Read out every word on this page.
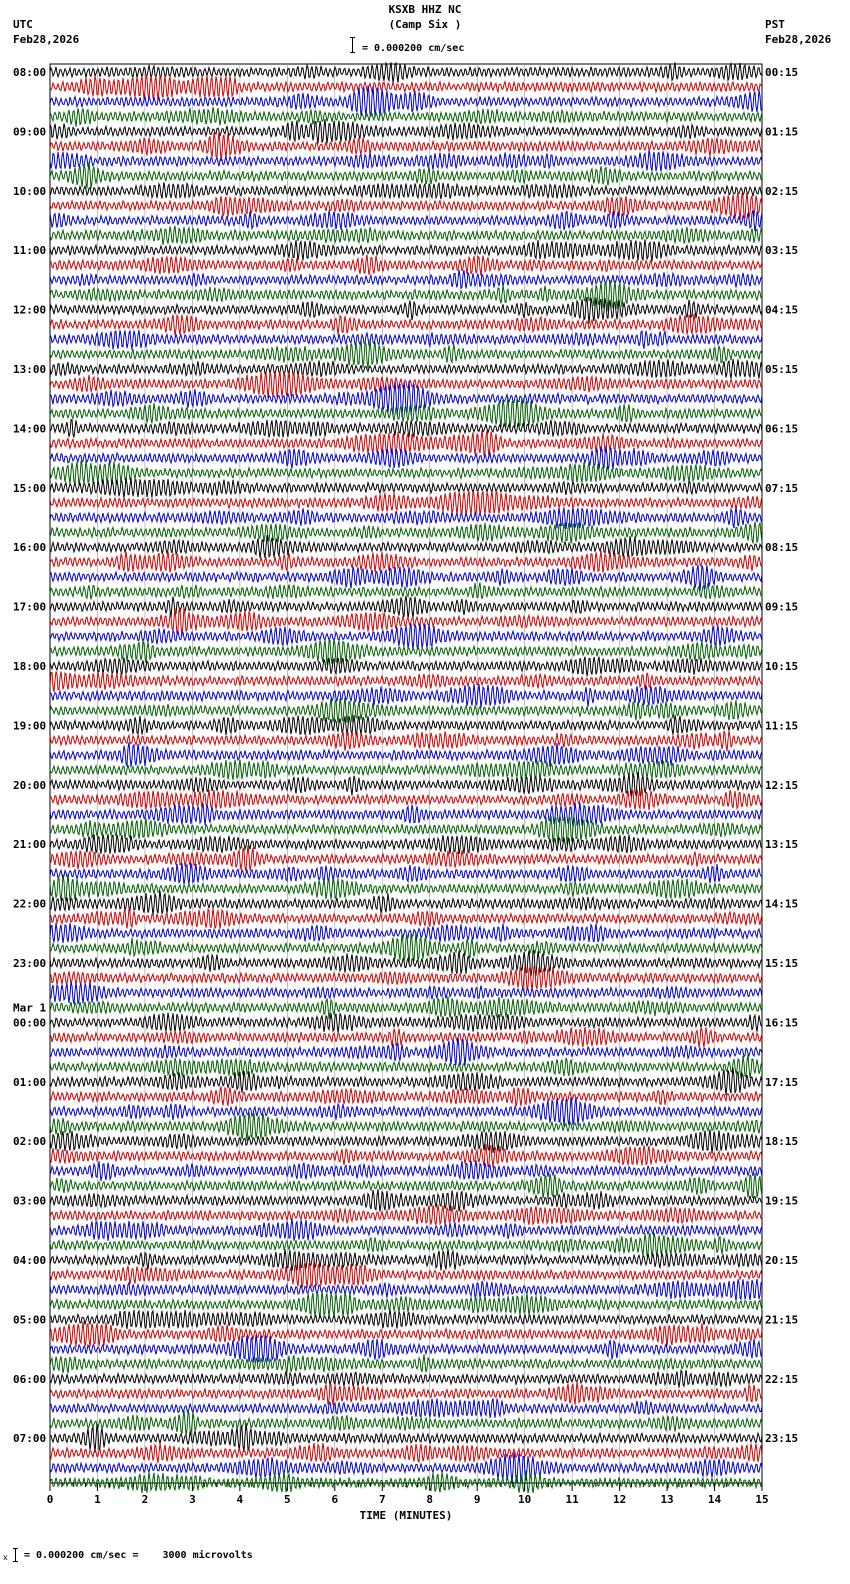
KSXB HHZ NC
(Camp Six )
= 0.000200 cm/sec
UTC
Feb28,2026
PST
Feb28,2026
08:00	00:15
09:00	01:15
10:00	02:15
11:00	03:15
12:00	04:15
13:00	05:15
14:00	06:15
15:00	07:15
16:00	08:15
17:00	09:15
18:00	10:15
19:00	11:15
20:00	12:15
21:00	13:15
22:00	14:15
23:00	15:15
00:00	16:15
01:00	17:15
02:00	18:15
03:00	19:15
04:00	20:15
05:00	21:15
06:00	22:15
07:00	23:15
Mar 1
0	1	2	3	4	5	6	7	8	9	10	11	12	13	14	15
TIME (MINUTES)
x = 0.000200 cm/sec =    3000 microvolts
